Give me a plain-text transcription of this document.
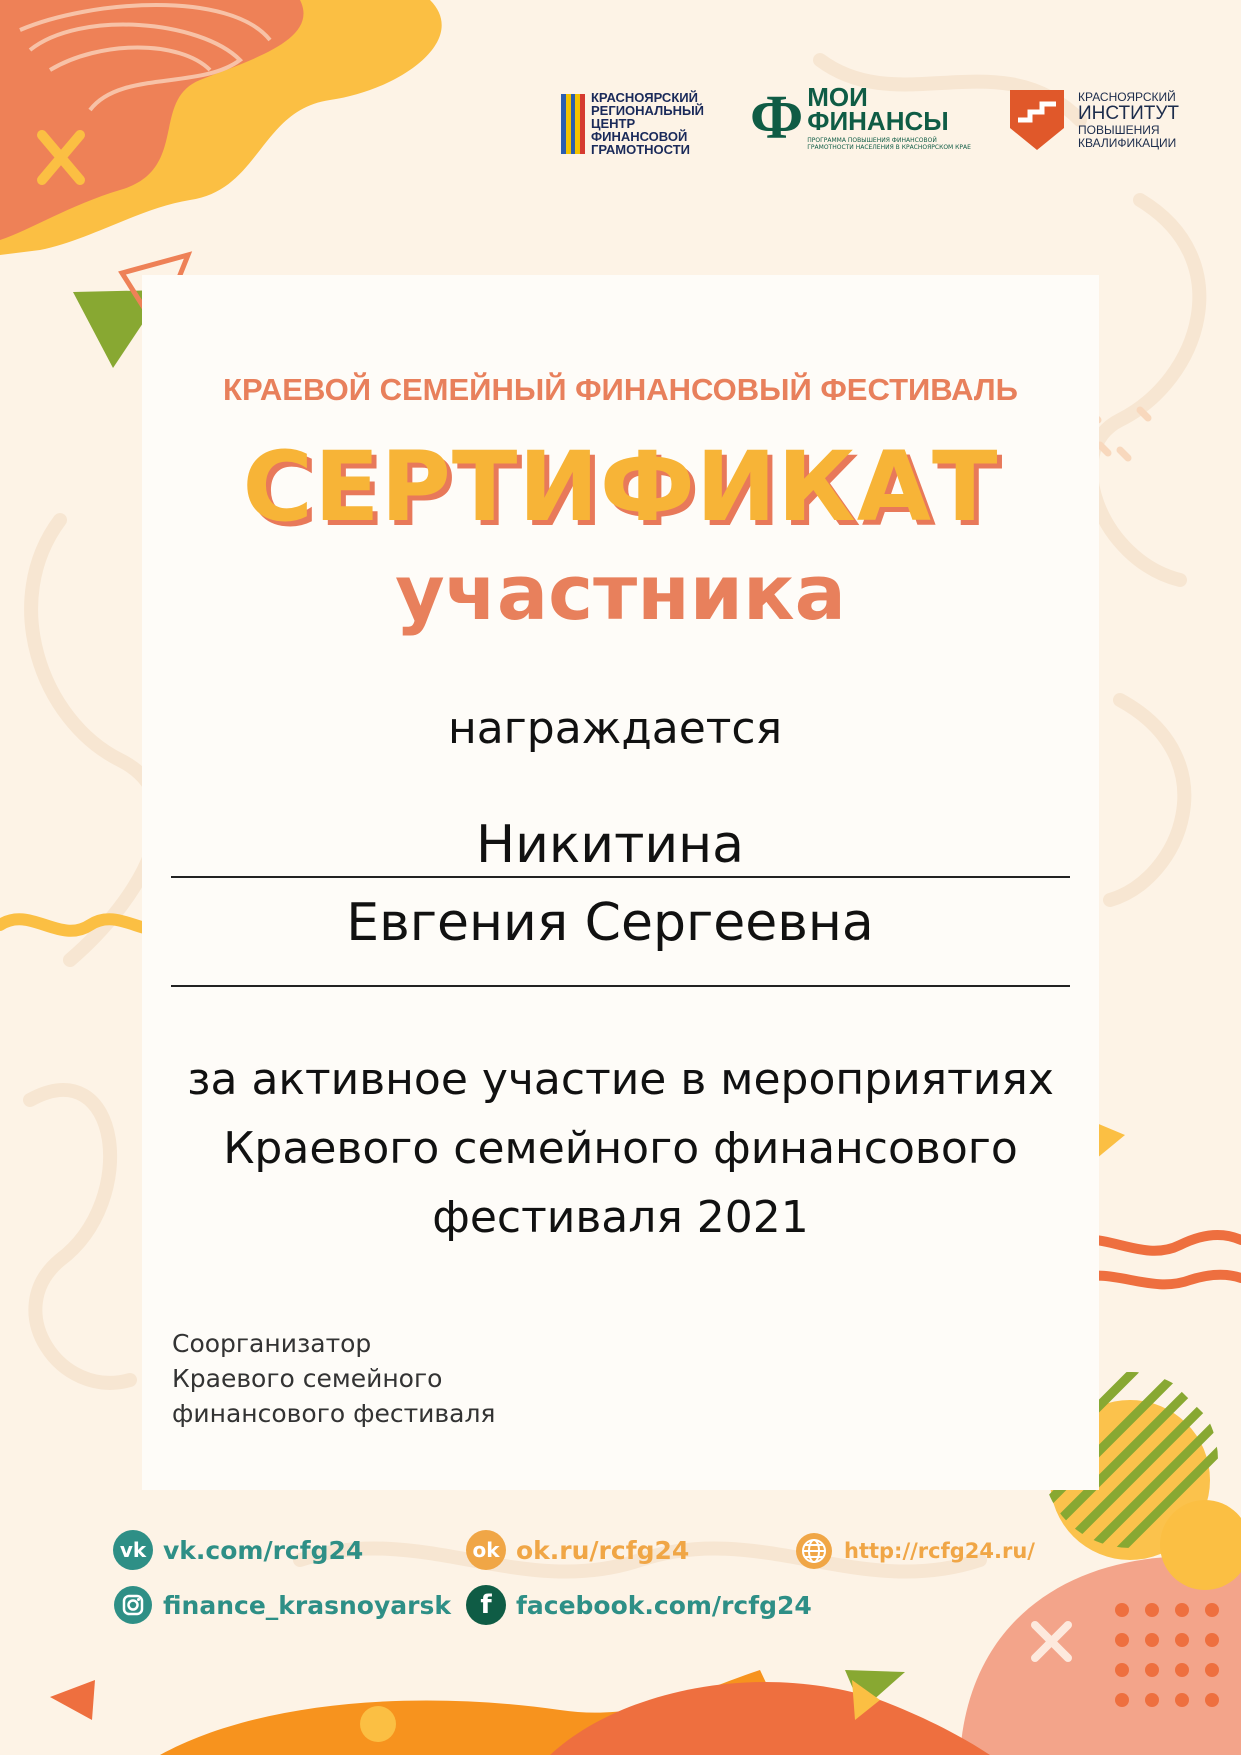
КРАСНОЯРСКИЙ
РЕГИОНАЛЬНЫЙ
ЦЕНТР
ФИНАНСОВОЙ
ГРАМОТНОСТИ Ф МОИ
ФИНАНСЫ
ПРОГРАММА ПОВЫШЕНИЯ ФИНАНСОВОЙ ГРАМОТНОСТИ НАСЕЛЕНИЯ В КРАСНОЯРСКОМ КРАЕ
КРАСНОЯРСКИЙ
ИНСТИТУТ
ПОВЫШЕНИЯ
КВАЛИФИКАЦИИ
КРАЕВОЙ СЕМЕЙНЫЙ ФИНАНСОВЫЙ ФЕСТИВАЛЬ
СЕРТИФИКАТ
участника
награждается
Никитина
Евгения Сергеевна
за активное участие в мероприятиях
Краевого семейного финансового
фестиваля 2021
Соорганизатор
Краевого семейного
финансового фестиваля
vk vk.com/rcfg24	ok ok.ru/rcfg24	http://rcfg24.ru/
finance_krasnoyarsk	f facebook.com/rcfg24
